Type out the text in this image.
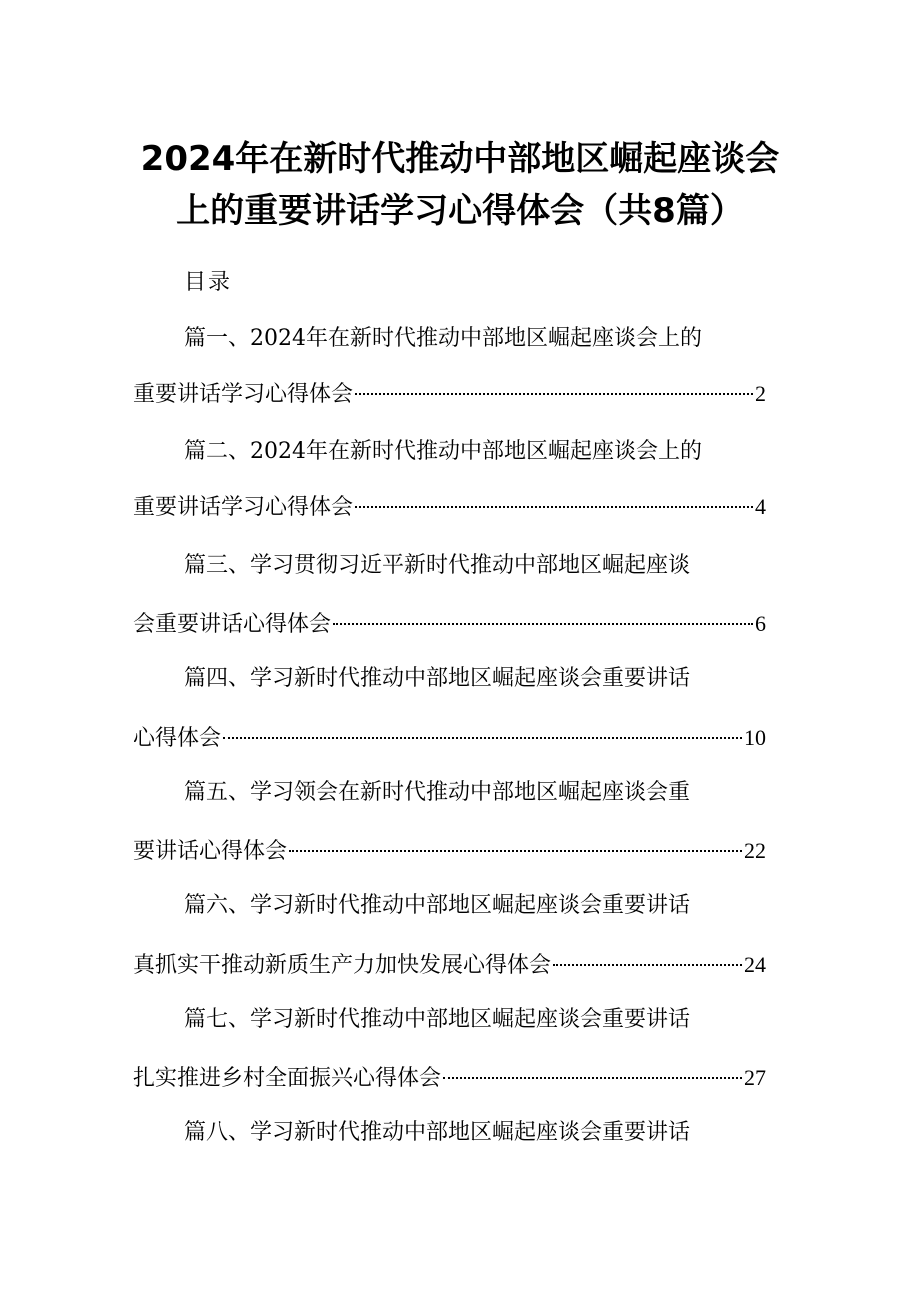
2024年在新时代推动中部地区崛起座谈会
上的重要讲话学习心得体会（共8篇）
目录
篇一、2024年在新时代推动中部地区崛起座谈会上的
重要讲话学习心得体会	2
篇二、2024年在新时代推动中部地区崛起座谈会上的
重要讲话学习心得体会	4
篇三、学习贯彻习近平新时代推动中部地区崛起座谈
会重要讲话心得体会	6
篇四、学习新时代推动中部地区崛起座谈会重要讲话
心得体会	10
篇五、学习领会在新时代推动中部地区崛起座谈会重
要讲话心得体会	22
篇六、学习新时代推动中部地区崛起座谈会重要讲话
真抓实干推动新质生产力加快发展心得体会	24
篇七、学习新时代推动中部地区崛起座谈会重要讲话
扎实推进乡村全面振兴心得体会	27
篇八、学习新时代推动中部地区崛起座谈会重要讲话
